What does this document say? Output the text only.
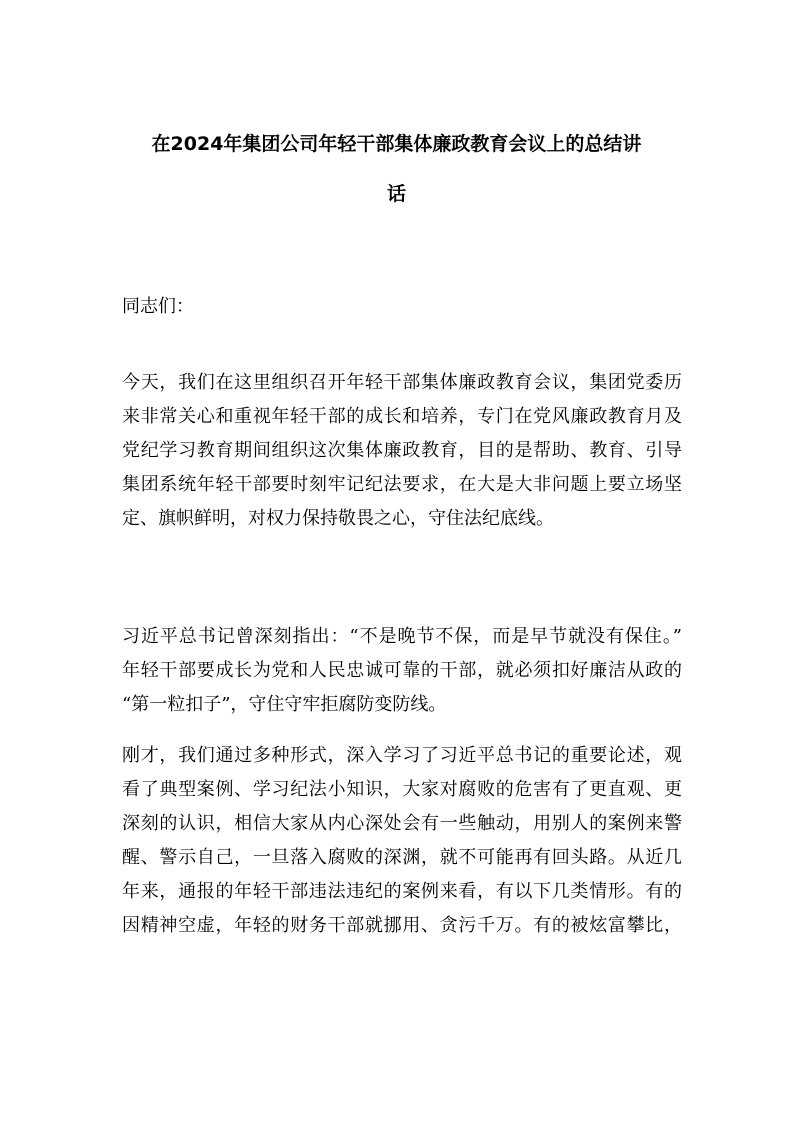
在2024年集团公司年轻干部集体廉政教育会议上的总结讲
话
同志们：
今天，我们在这里组织召开年轻干部集体廉政教育会议，集团党委历
来非常关心和重视年轻干部的成长和培养，专门在党风廉政教育月及
党纪学习教育期间组织这次集体廉政教育，目的是帮助、教育、引导
集团系统年轻干部要时刻牢记纪法要求，在大是大非问题上要立场坚
定、旗帜鲜明，对权力保持敬畏之心，守住法纪底线。
习近平总书记曾深刻指出：“不是晚节不保，而是早节就没有保住。”
年轻干部要成长为党和人民忠诚可靠的干部，就必须扣好廉洁从政的
“第一粒扣子”，守住守牢拒腐防变防线。
刚才，我们通过多种形式，深入学习了习近平总书记的重要论述，观
看了典型案例、学习纪法小知识，大家对腐败的危害有了更直观、更
深刻的认识，相信大家从内心深处会有一些触动，用别人的案例来警
醒、警示自己，一旦落入腐败的深渊，就不可能再有回头路。从近几
年来，通报的年轻干部违法违纪的案例来看，有以下几类情形。有的
因精神空虚，年轻的财务干部就挪用、贪污千万。有的被炫富攀比，
